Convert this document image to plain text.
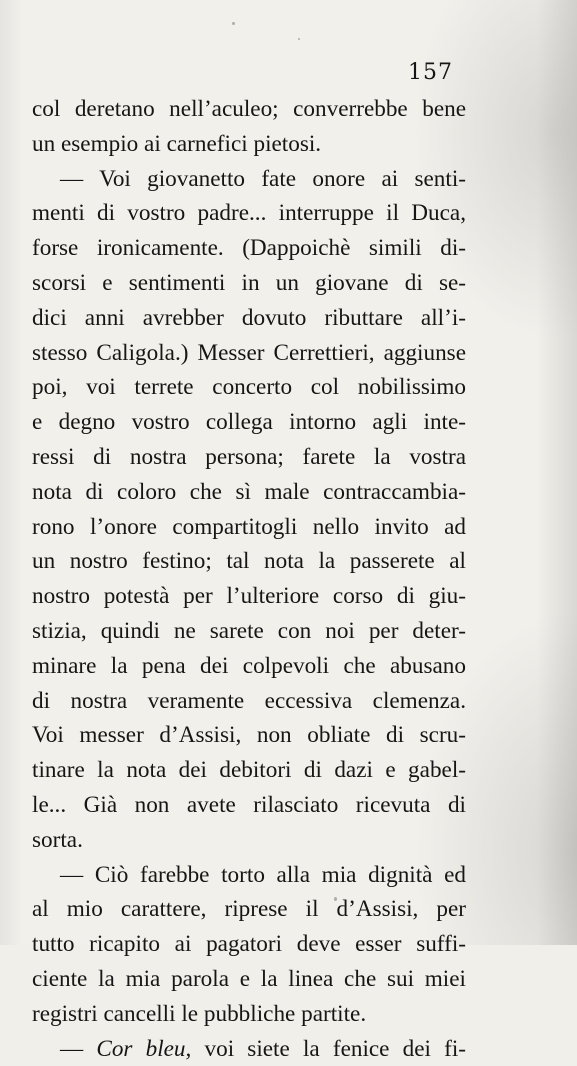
157
col deretano nell’aculeo; converrebbe bene
un esempio ai carnefici pietosi.
— Voi giovanetto fate onore ai senti-
menti di vostro padre... interruppe il Duca,
forse ironicamente. (Dappoichè simili di-
scorsi e sentimenti in un giovane di se-
dici anni avrebber dovuto ributtare all’i-
stesso Caligola.) Messer Cerrettieri, aggiunse
poi, voi terrete concerto col nobilissimo
e degno vostro collega intorno agli inte-
ressi di nostra persona; farete la vostra
nota di coloro che sì male contraccambia-
rono l’onore compartitogli nello invito ad
un nostro festino; tal nota la passerete al
nostro potestà per l’ulteriore corso di giu-
stizia, quindi ne sarete con noi per deter-
minare la pena dei colpevoli che abusano
di nostra veramente eccessiva clemenza.
Voi messer d’Assisi, non obliate di scru-
tinare la nota dei debitori di dazi e gabel-
le... Già non avete rilasciato ricevuta di
sorta.
— Ciò farebbe torto alla mia dignità ed
al mio carattere, riprese il d’Assisi, per
tutto ricapito ai pagatori deve esser suffi-
ciente la mia parola e la linea che sui miei
registri cancelli le pubbliche partite.
— Cor bleu, voi siete la fenice dei fi-
